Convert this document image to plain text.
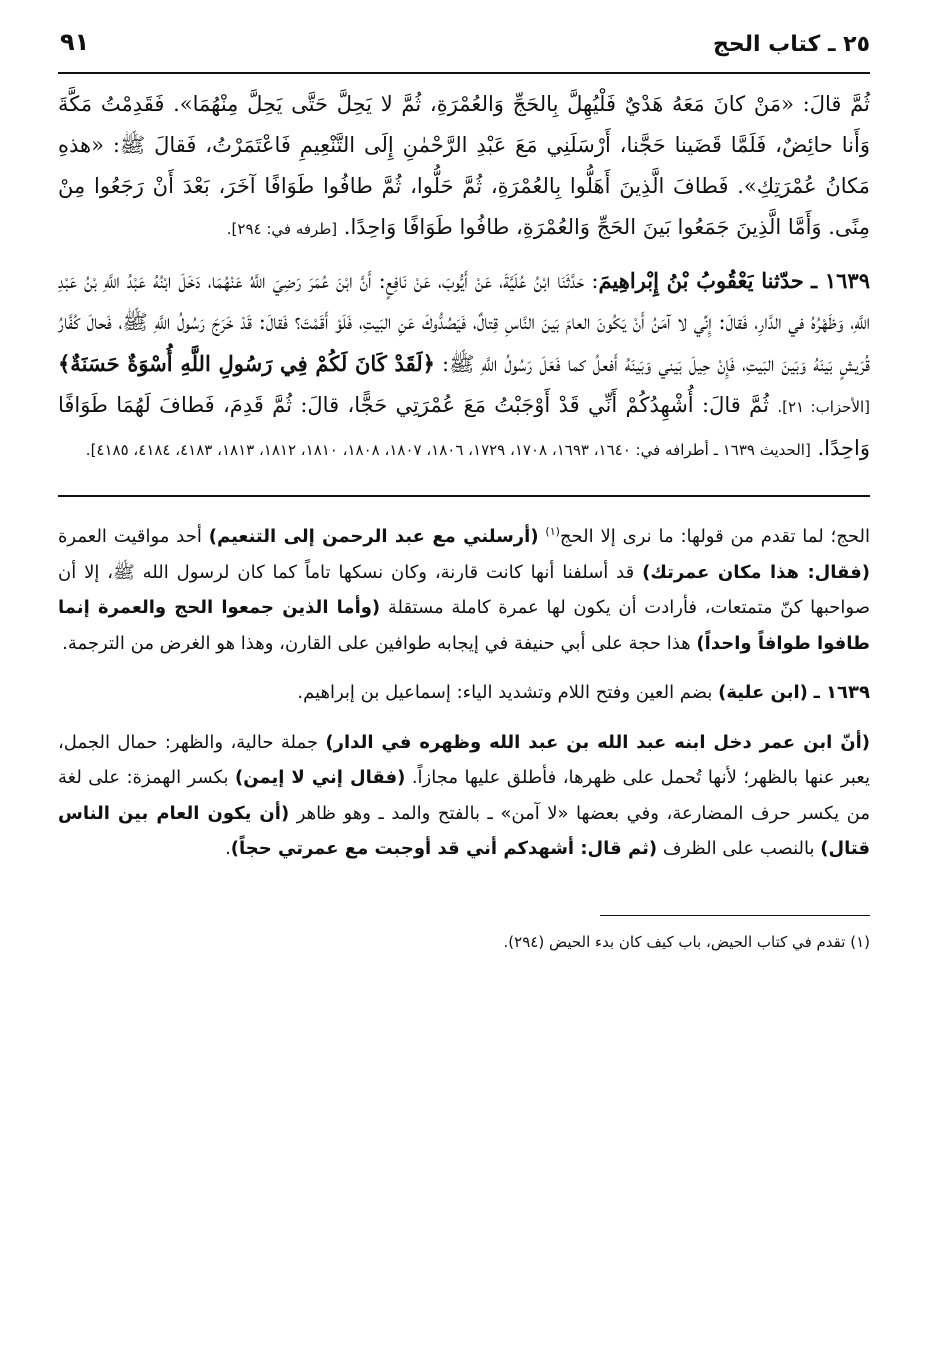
٢٥ ـ كتاب الحج
٩١

ثُمَّ قالَ: «مَنْ كانَ مَعَهُ هَدْيٌ فَلْيُهِلَّ بِالحَجِّ وَالعُمْرَةِ، ثُمَّ لا يَحِلَّ حَتَّى يَحِلَّ مِنْهُمَا». فَقَدِمْتُ مَكَّةَ وَأَنا حائِضٌ، فَلَمَّا قَضَينا حَجَّنا، أَرْسَلَنِي مَعَ عَبْدِ الرَّحْمٰنِ إِلَى التَّنْعِيمِ فَاعْتَمَرْتُ، فَقالَ ﷺ: «هذهِ مَكانُ عُمْرَتِكِ». فَطافَ الَّذِينَ أَهَلُّوا بِالعُمْرَةِ، ثُمَّ حَلُّوا، ثُمَّ طافُوا طَوَافًا آخَرَ، بَعْدَ أَنْ رَجَعُوا مِنْ مِنًى. وَأَمَّا الَّذِينَ جَمَعُوا بَينَ الحَجِّ وَالعُمْرَةِ، طافُوا طَوَافًا وَاحِدًا. [طرفه في: ٢٩٤].

١٦٣٩ ـ حدّثنا يَعْقُوبُ بْنُ إِبْراهِيمَ: حَدَّثَنَا ابْنُ عُلَيَّةَ، عَنْ أَيُّوبَ، عَنْ نَافِعٍ: أَنَّ ابْنَ عُمَرَ رَضِيَ اللَّهُ عَنْهُمَا، دَخَلَ ابْنُهُ عَبْدُ اللَّهِ بْنُ عَبْدِ اللَّهِ، وَظَهْرُهُ في الدَّارِ، فَقالَ: إِنِّي لا آمَنُ أَنْ يَكُونَ العامَ بَينَ النَّاسِ قِتالٌ، فَيَصُدُّوكَ عَنِ البَيتِ، فَلَوْ أَقَمْتَ؟ فَقالَ: قَدْ خَرَجَ رَسُولُ اللَّهِ ﷺ، فَحالَ كُفَّارُ قُرَيشٍ بَينَهُ وَبَينَ البَيتِ، فَإِنْ حِيلَ بَيني وَبَينَهُ أَفعلُ كما فَعَلَ رَسُولُ اللَّهِ ﷺ: ﴿لَقَدْ كَانَ لَكُمْ فِي رَسُولِ اللَّهِ أُسْوَةٌ حَسَنَةٌ﴾ [الأحزاب: ٢١]. ثُمَّ قالَ: أُشْهِدُكُمْ أَنِّي قَدْ أَوْجَبْتُ مَعَ عُمْرَتِي حَجًّا، قالَ: ثُمَّ قَدِمَ، فَطافَ لَهُمَا طَوَافًا وَاحِدًا. [الحديث ١٦٣٩ ـ أطرافه في: ١٦٤٠، ١٦٩٣، ١٧٠٨، ١٧٢٩، ١٨٠٦، ١٨٠٧، ١٨٠٨، ١٨١٠، ١٨١٢، ١٨١٣، ٤١٨٣، ٤١٨٤، ٤١٨٥].

الحج؛ لما تقدم من قولها: ما نرى إلا الحج$^{(١)}$ (أرسلني مع عبد الرحمن إلى التنعيم) أحد مواقيت العمرة (فقال: هذا مكان عمرتك) قد أسلفنا أنها كانت قارنة، وكان نسكها تاماً كما كان لرسول الله ﷺ، إلا أن صواحبها كنّ متمتعات، فأرادت أن يكون لها عمرة كاملة مستقلة (وأما الذين جمعوا الحج والعمرة إنما طافوا طوافاً واحداً) هذا حجة على أبي حنيفة في إيجابه طوافين على القارن، وهذا هو الغرض من الترجمة.

١٦٣٩ ـ (ابن علية) بضم العين وفتح اللام وتشديد الياء: إسماعيل بن إبراهيم.

(أنّ ابن عمر دخل ابنه عبد الله بن عبد الله وظهره في الدار) جملة حالية، والظهر: حمال الجمل، يعبر عنها بالظهر؛ لأنها تُحمل على ظهرها، فأطلق عليها مجازاً. (فقال إني لا إيمن) بكسر الهمزة: على لغة من يكسر حرف المضارعة، وفي بعضها «لا آمن» ـ بالفتح والمد ـ وهو ظاهر (أن يكون العام بين الناس قتال) بالنصب على الظرف (ثم قال: أشهدكم أني قد أوجبت مع عمرتي حجاً).

(١) تقدم في كتاب الحيض، باب كيف كان بدء الحيض (٢٩٤).
